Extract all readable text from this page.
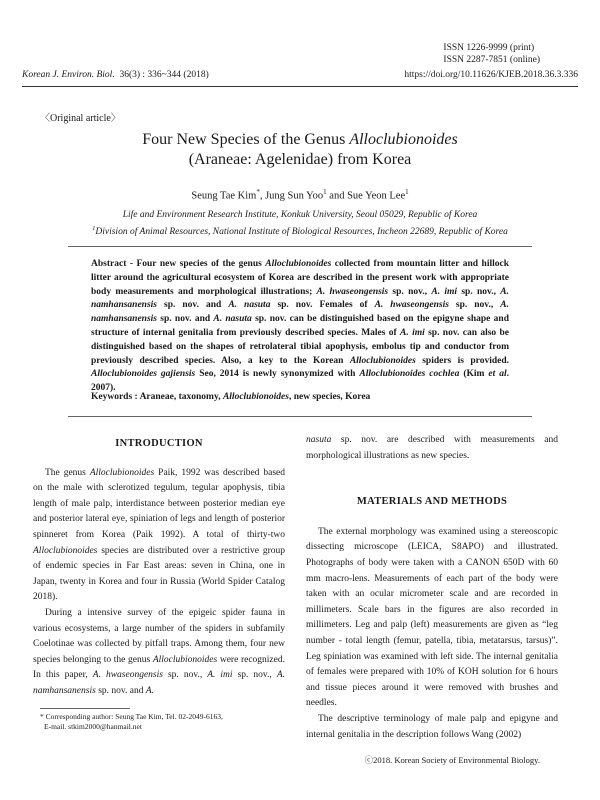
ISSN 1226-9999 (print)
ISSN 2287-7851 (online)
Korean J. Environ. Biol. 36(3) : 336~344 (2018)	https://doi.org/10.11626/KJEB.2018.36.3.336
〈Original article〉
Four New Species of the Genus Alloclubionoides
(Araneae: Agelenidae) from Korea
Seung Tae Kim*, Jung Sun Yoo$^1$ and Sue Yeon Lee$^1$
Life and Environment Research Institute, Konkuk University, Seoul 05029, Republic of Korea
$^1$Division of Animal Resources, National Institute of Biological Resources, Incheon 22689, Republic of Korea
Abstract - Four new species of the genus Alloclubionoides collected from mountain litter and hillock litter around the agricultural ecosystem of Korea are described in the present work with appropriate body measurements and morphological illustrations; A. hwaseongensis sp. nov., A. imi sp. nov., A. namhansanensis sp. nov. and A. nasuta sp. nov. Females of A. hwaseongensis sp. nov., A. namhansanensis sp. nov. and A. nasuta sp. nov. can be distinguished based on the epigyne shape and structure of internal genitalia from previously described species. Males of A. imi sp. nov. can also be distinguished based on the shapes of retrolateral tibial apophysis, embolus tip and conductor from previously described species. Also, a key to the Korean Alloclubionoides spiders is provided. Alloclubionoides gajiensis Seo, 2014 is newly synonymized with Alloclubionoides cochlea (Kim et al. 2007).
Keywords : Araneae, taxonomy, Alloclubionoides, new species, Korea
INTRODUCTION

The genus Alloclubionoides Paik, 1992 was described based on the male with sclerotized tegulum, tegular apophysis, tibia length of male palp, interdistance between posterior median eye and posterior lateral eye, spiniation of legs and length of posterior spinneret from Korea (Paik 1992). A total of thirty-two Alloclubionoides species are distributed over a restrictive group of endemic species in Far East areas: seven in China, one in Japan, twenty in Korea and four in Russia (World Spider Catalog 2018).

During a intensive survey of the epigeic spider fauna in various ecosystems, a large number of the spiders in subfamily Coelotinae was collected by pitfall traps. Among them, four new species belonging to the genus Alloclubionoides were recognized. In this paper, A. hwaseongensis sp. nov., A. imi sp. nov., A. namhansanensis sp. nov. and A.

nasuta sp. nov. are described with measurements and morphological illustrations as new species.

MATERIALS AND METHODS

The external morphology was examined using a stereoscopic dissecting microscope (LEICA, S8APO) and illustrated. Photographs of body were taken with a CANON 650D with 60 mm macro-lens. Measurements of each part of the body were taken with an ocular micrometer scale and are recorded in millimeters. Scale bars in the figures are also recorded in millimeters. Leg and palp (left) measurements are given as “leg number - total length (femur, patella, tibia, metatarsus, tarsus)”. Leg spiniation was examined with left side. The internal genitalia of females were prepared with 10% of KOH solution for 6 hours and tissue pieces around it were removed with brushes and needles.

The descriptive terminology of male palp and epigyne and internal genitalia in the description follows Wang (2002)

* Corresponding author: Seung Tae Kim, Tel. 02-2049-6163,
E-mail. stkim2000@hanmail.net
ⓒ2018. Korean Society of Environmental Biology.
